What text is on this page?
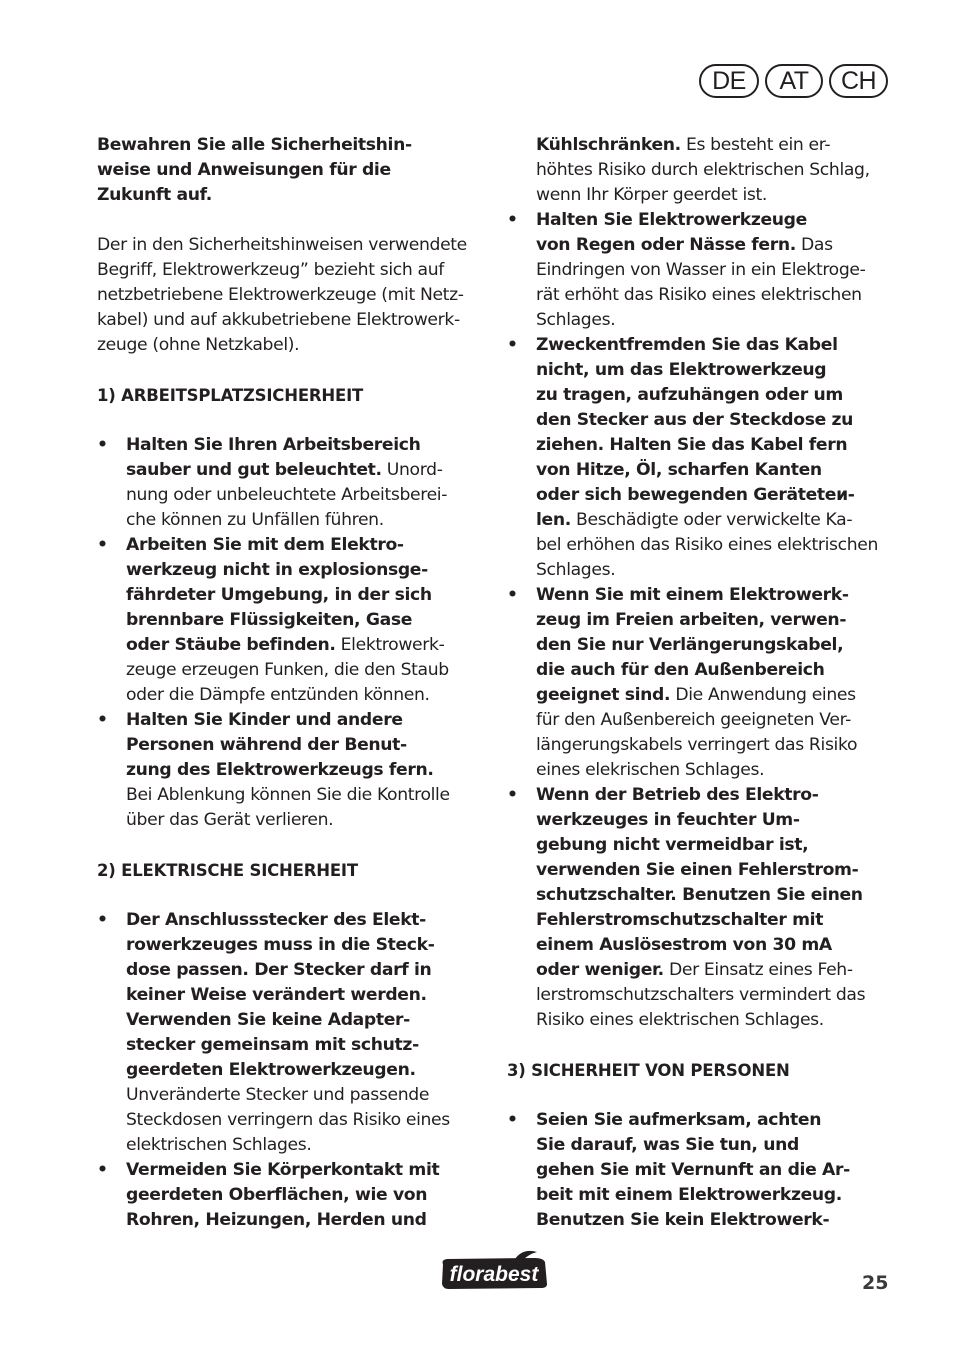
DE	AT	CH

Bewahren Sie alle Sicherheitshin-
weise und Anweisungen für die
Zukunft auf.

Der in den Sicherheitshinweisen verwendete
Begriff, Elektrowerkzeug” bezieht sich auf
netzbetriebene Elektrowerkzeuge (mit Netz-
kabel) und auf akkubetriebene Elektrowerk-
zeuge (ohne Netzkabel).

1) ARBEITSPLATZSICHERHEIT

• Halten Sie Ihren Arbeitsbereich
sauber und gut beleuchtet. Unord-
nung oder unbeleuchtete Arbeitsberei-
che können zu Unfällen führen.
• Arbeiten Sie mit dem Elektro-
werkzeug nicht in explosionsge-
fährdeter Umgebung, in der sich
brennbare Flüssigkeiten, Gase
oder Stäube befinden. Elektrowerk-
zeuge erzeugen Funken, die den Staub
oder die Dämpfe entzünden können.
• Halten Sie Kinder und andere
Personen während der Benut-
zung des Elektrowerkzeugs fern.
Bei Ablenkung können Sie die Kontrolle
über das Gerät verlieren.

2) ELEKTRISCHE SICHERHEIT

• Der Anschlussstecker des Elekt-
rowerkzeuges muss in die Steck-
dose passen. Der Stecker darf in
keiner Weise verändert werden.
Verwenden Sie keine Adapter-
stecker gemeinsam mit schutz-
geerdeten Elektrowerkzeugen.
Unveränderte Stecker und passende
Steckdosen verringern das Risiko eines
elektrischen Schlages.
• Vermeiden Sie Körperkontakt mit
geerdeten Oberflächen, wie von
Rohren, Heizungen, Herden und
Kühlschränken. Es besteht ein er-
höhtes Risiko durch elektrischen Schlag,
wenn Ihr Körper geerdet ist.
• Halten Sie Elektrowerkzeuge
von Regen oder Nässe fern. Das
Eindringen von Wasser in ein Elektroge-
rät erhöht das Risiko eines elektrischen
Schlages.
• Zweckentfremden Sie das Kabel
nicht, um das Elektrowerkzeug
zu tragen, aufzuhängen oder um
den Stecker aus der Steckdose zu
ziehen. Halten Sie das Kabel fern
von Hitze, Öl, scharfen Kanten
oder sich bewegenden Geräteteи-
len. Beschädigte oder verwickelte Ka-
bel erhöhen das Risiko eines elektrischen
Schlages.
• Wenn Sie mit einem Elektrowerk-
zeug im Freien arbeiten, verwen-
den Sie nur Verlängerungskabel,
die auch für den Außenbereich
geeignet sind. Die Anwendung eines
für den Außenbereich geeigneten Ver-
längerungskabels verringert das Risiko
eines elekrischen Schlages.
• Wenn der Betrieb des Elektro-
werkzeuges in feuchter Um-
gebung nicht vermeidbar ist,
verwenden Sie einen Fehlerstrom-
schutzschalter. Benutzen Sie einen
Fehlerstromschutzschalter mit
einem Auslösestrom von 30 mA
oder weniger. Der Einsatz eines Feh-
lerstromschutzschalters vermindert das
Risiko eines elektrischen Schlages.

3) SICHERHEIT VON PERSONEN

• Seien Sie aufmerksam, achten
Sie darauf, was Sie tun, und
gehen Sie mit Vernunft an die Ar-
beit mit einem Elektrowerkzeug.
Benutzen Sie kein Elektrowerk-
florabest	25
